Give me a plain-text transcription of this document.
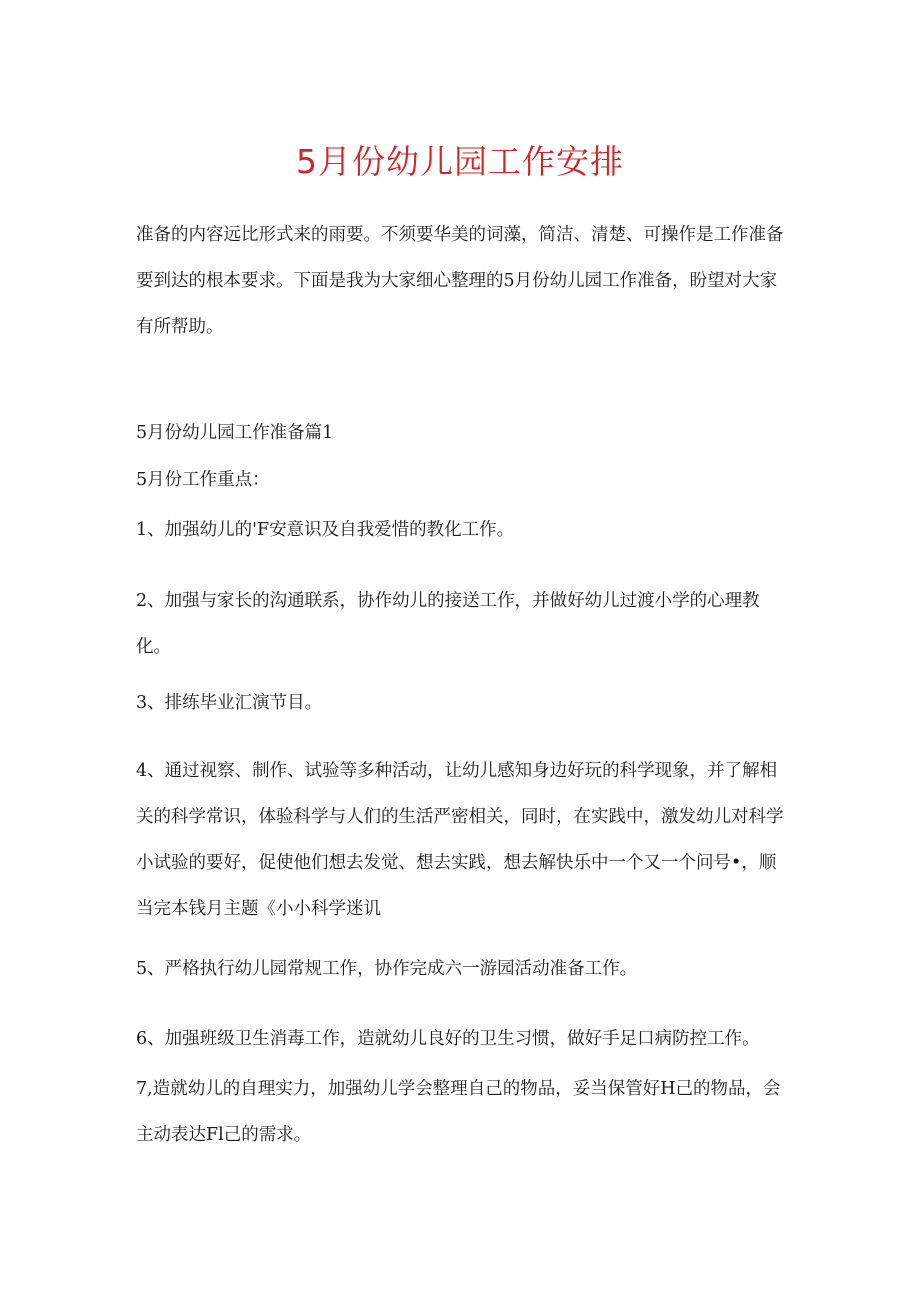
5月份幼儿园工作安排

准备的内容远比形式来的雨要。不须要华美的词藻，简洁、清楚、可操作是工作准备要到达的根本要求。下面是我为大家细心整理的5月份幼儿园工作准备，盼望对大家有所帮助。

5月份幼儿园工作准备篇1

5月份工作重点：

1、加强幼儿的'F安意识及自我爱惜的教化工作。

2、加强与家长的沟通联系，协作幼儿的接送工作，并做好幼儿过渡小学的心理教化。

3、排练毕业汇演节目。

4、通过视察、制作、试验等多种活动，让幼儿感知身边好玩的科学现象，并了解相关的科学常识，体验科学与人们的生活严密相关，同时，在实践中，激发幼儿对科学小试验的要好，促使他们想去发觉、想去实践，想去解快乐中一个又一个问号•，顺当完本钱月主题《小小科学迷讥

5、严格执行幼儿园常规工作，协作完成六一游园活动准备工作。

6、加强班级卫生消毒工作，造就幼儿良好的卫生习惯，做好手足口病防控工作。

7,造就幼儿的自理实力，加强幼儿学会整理自己的物品，妥当保管好H己的物品，会主动表达Fl己的需求。
